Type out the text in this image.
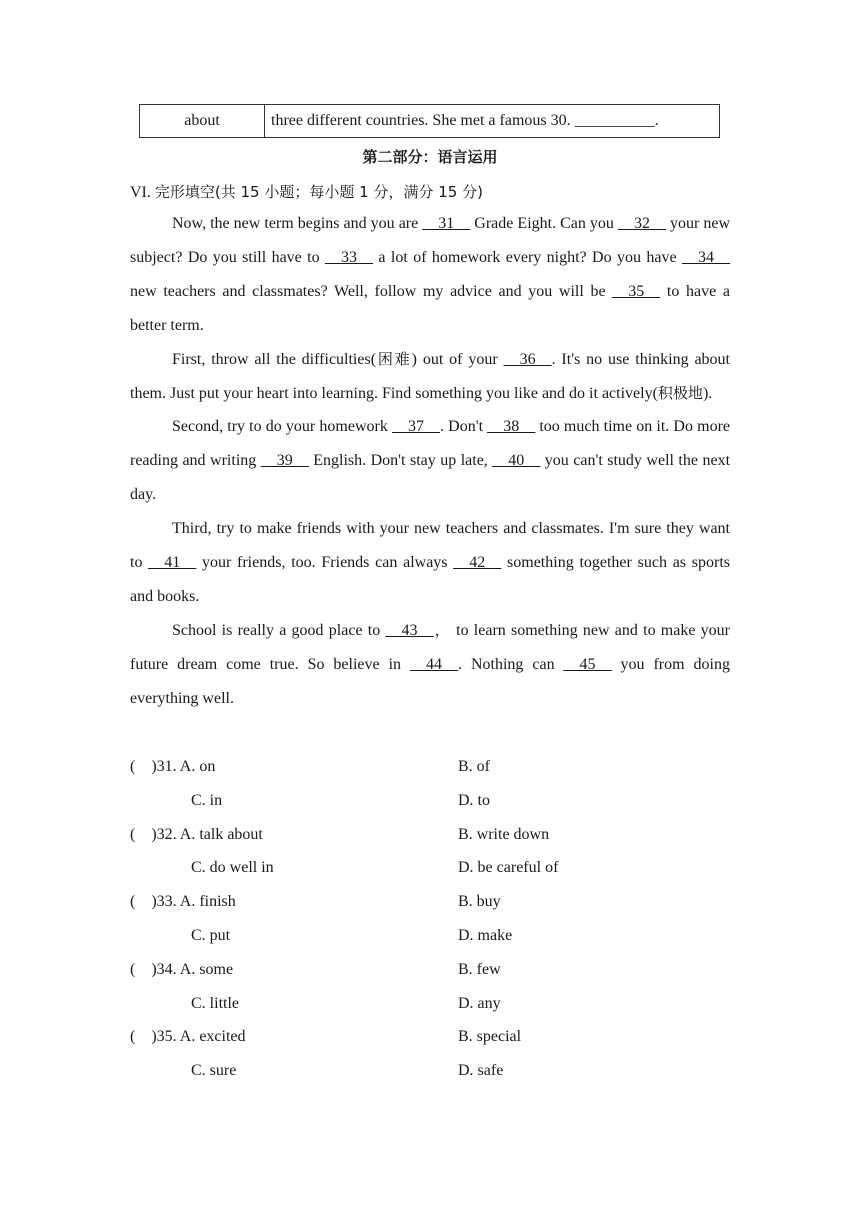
about	three different countries. She met a famous 30. __________.
第二部分：语言运用
VI. 完形填空(共 15 小题；每小题 1 分，满分 15 分)

Now, the new term begins and you are __31__ Grade Eight. Can you __32__ your new subject? Do you still have to __33__ a lot of homework every night? Do you have __34__ new teachers and classmates? Well, follow my advice and you will be __35__ to have a better term.

First, throw all the difficulties(困难) out of your __36__. It's no use thinking about them. Just put your heart into learning. Find something you like and do it actively(积极地).

Second, try to do your homework __37__. Don't __38__ too much time on it. Do more reading and writing __39__ English. Don't stay up late, __40__ you can't study well the next day.

Third, try to make friends with your new teachers and classmates. I'm sure they want to __41__ your friends, too. Friends can always __42__ something together such as sports and books.

School is really a good place to __43__， to learn something new and to make your future dream come true. So believe in __44__. Nothing can __45__ you from doing everything well.

(    )31. A. on	B. of
C. in	D. to
(    )32. A. talk about	B. write down
C. do well in	D. be careful of
(    )33. A. finish	B. buy
C. put	D. make
(    )34. A. some	B. few
C. little	D. any
(    )35. A. excited	B. special
C. sure	D. safe
